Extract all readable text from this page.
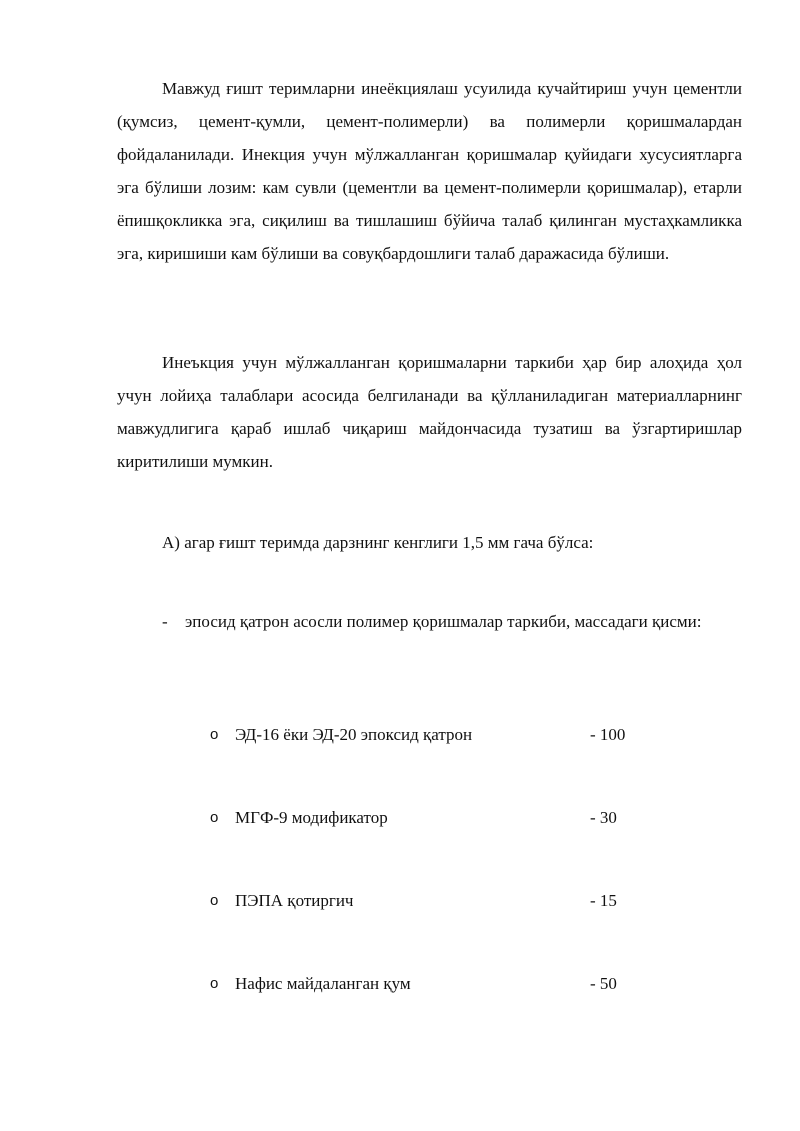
Мавжуд ғишт теримларни инеёкциялаш усуилида кучайтириш учун цементли (қумсиз, цемент-қумли, цемент-полимерли) ва полимерли қоришмалардан фойдаланилади. Инекция учун мўлжалланган қоришмалар қуйидаги хусусиятларга эга бўлиши лозим: кам сувли (цементли ва цемент-полимерли қоришмалар), етарли ёпишқокликка эга, сиқилиш ва тишлашиш бўйича талаб қилинган мустаҳкамликка эга, киришиши кам бўлиши ва совуқбардошлиги талаб даражасида бўлиши.

Инеъкция учун мўлжалланган қоришмаларни таркиби ҳар бир алоҳида ҳол учун лойиҳа талаблари асосида белгиланади ва қўлланиладиган материалларнинг мавжудлигига қараб ишлаб чиқариш майдончасида тузатиш ва ўзгартиришлар киритилиши мумкин.

А) агар ғишт теримда дарзнинг кенглиги 1,5 мм гача бўлса:

- эпосид қатрон асосли полимер қоришмалар таркиби, массадаги қисми:

o ЭД-16 ёки ЭД-20 эпоксид қатрон	- 100
o МГФ-9 модификатор	- 30
o ПЭПА қотиргич	- 15
o Нафис майдаланган қум	- 50
